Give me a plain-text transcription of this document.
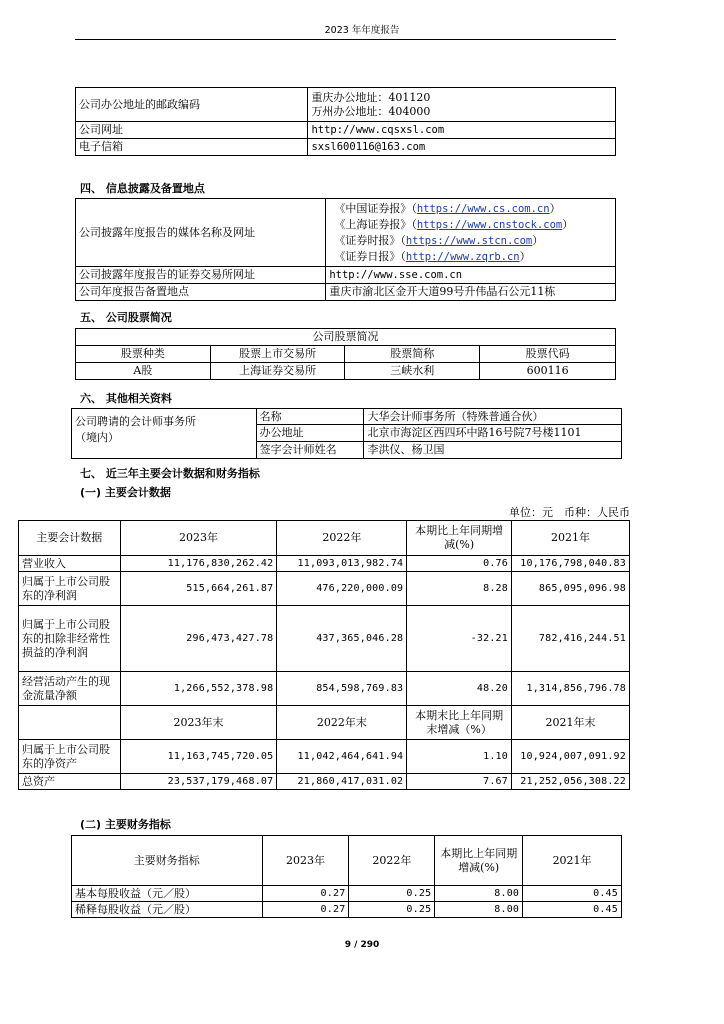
2023 年年度报告
公司办公地址的邮政编码	重庆办公地址：401120
万州办公地址：404000

公司网址	http://www.cqsxsl.com
电子信箱	sxsl600116@163.com
四、 信息披露及备置地点
公司披露年度报告的媒体名称及网址	《中国证券报》（https://www.cs.com.cn）
《上海证券报》（https://www.cnstock.com）
《证券时报》（https://www.stcn.com）
《证券日报》（http://www.zqrb.cn）

公司披露年度报告的证券交易所网址	http://www.sse.com.cn
公司年度报告备置地点	重庆市渝北区金开大道99号升伟晶石公元11栋
五、 公司股票简况
公司股票简况			
股票种类	股票上市交易所	股票简称	股票代码
A股	上海证券交易所	三峡水利	600116
六、 其他相关资料
公司聘请的会计师事务所
（境内）	名称	大华会计师事务所（特殊普通合伙）
	办公地址	北京市海淀区西四环中路16号院7号楼1101
	签字会计师姓名	李洪仪、杨卫国
七、 近三年主要会计数据和财务指标
(一) 主要会计数据
单位：元　币种：人民币
主要会计数据	2023年	2022年	本期比上年同期增减(%)	2021年
营业收入	11,176,830,262.42	11,093,013,982.74	0.76	10,176,798,040.83
归属于上市公司股东的净利润	515,664,261.87	476,220,000.09	8.28	865,095,096.98
归属于上市公司股东的扣除非经常性损益的净利润	296,473,427.78	437,365,046.28	-32.21	782,416,244.51
经营活动产生的现金流量净额	1,266,552,378.98	854,598,769.83	48.20	1,314,856,796.78
	2023年末	2022年末	本期末比上年同期末增减（%）	2021年末
归属于上市公司股东的净资产	11,163,745,720.05	11,042,464,641.94	1.10	10,924,007,091.92
总资产	23,537,179,468.07	21,860,417,031.02	7.67	21,252,056,308.22
(二) 主要财务指标
主要财务指标	2023年	2022年	本期比上年同期增减(%)	2021年
基本每股收益（元／股）	0.27	0.25	8.00	0.45
稀释每股收益（元／股）	0.27	0.25	8.00	0.45
9 / 290
